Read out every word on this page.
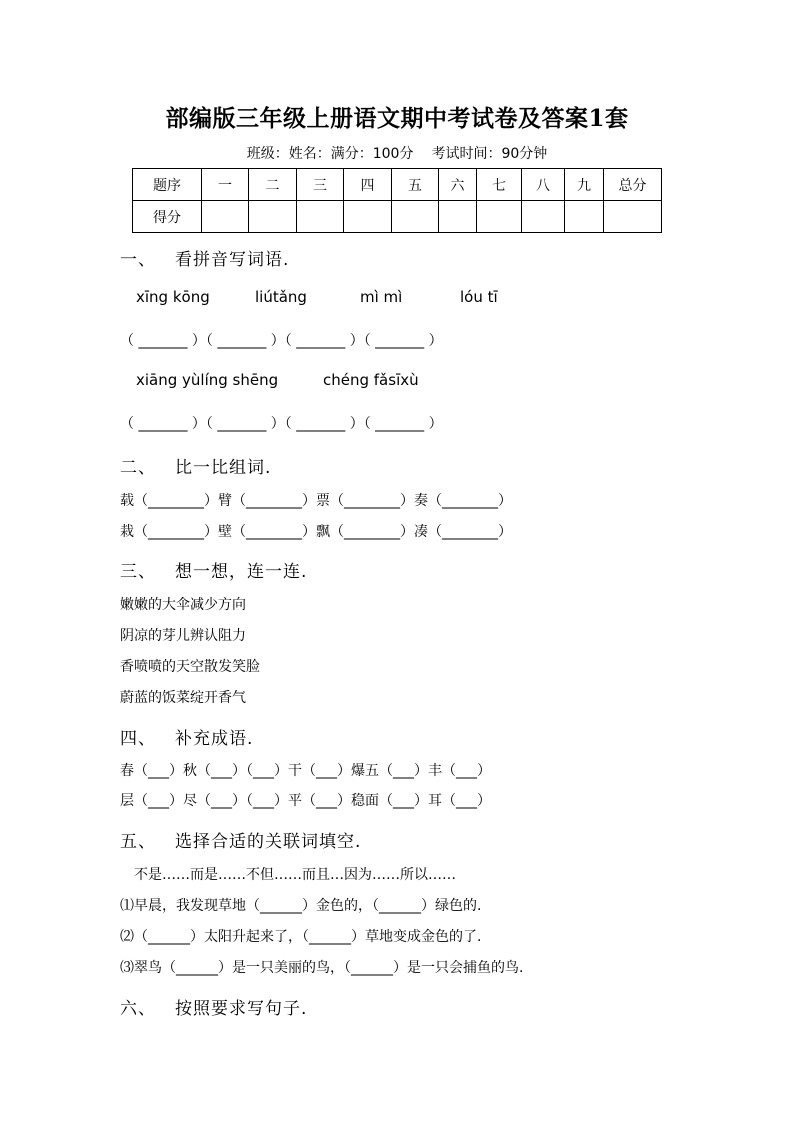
部编版三年级上册语文期中考试卷及答案1套
班级：姓名：满分：100分 考试时间：90分钟
题序	一	二	三	四	五	六	七	八	九	总分
得分										
一、 看拼音写词语.
xīng kōng	liútǎng	mì mì	lóu tī
（ _______ ）（ _______ ）（ _______ ）（ _______ ）
xiāng yùlíng shēng	chéng fǎsīxù
（ _______ ）（ _______ ）（ _______ ）（ _______ ）
二、 比一比组词.
载（________）臂（________）票（________）奏（________）
栽（________）壁（________）飘（________）凑（________）
三、 想一想，连一连.
嫩嫩的大伞减少方向
阴凉的芽儿辨认阻力
香喷喷的天空散发笑脸
蔚蓝的饭菜绽开香气
四、 补充成语.
春（___）秋（___）（___）干（___）爆五（___）丰（___）
层（___）尽（___）（___）平（___）稳面（___）耳（___）
五、 选择合适的关联词填空.
不是……而是……不但……而且…因为……所以……
⑴早晨，我发现草地（______）金色的，（______）绿色的.
⑵（______）太阳升起来了，（______）草地变成金色的了.
⑶翠鸟（______）是一只美丽的鸟，（______）是一只会捕鱼的鸟.
六、 按照要求写句子.
